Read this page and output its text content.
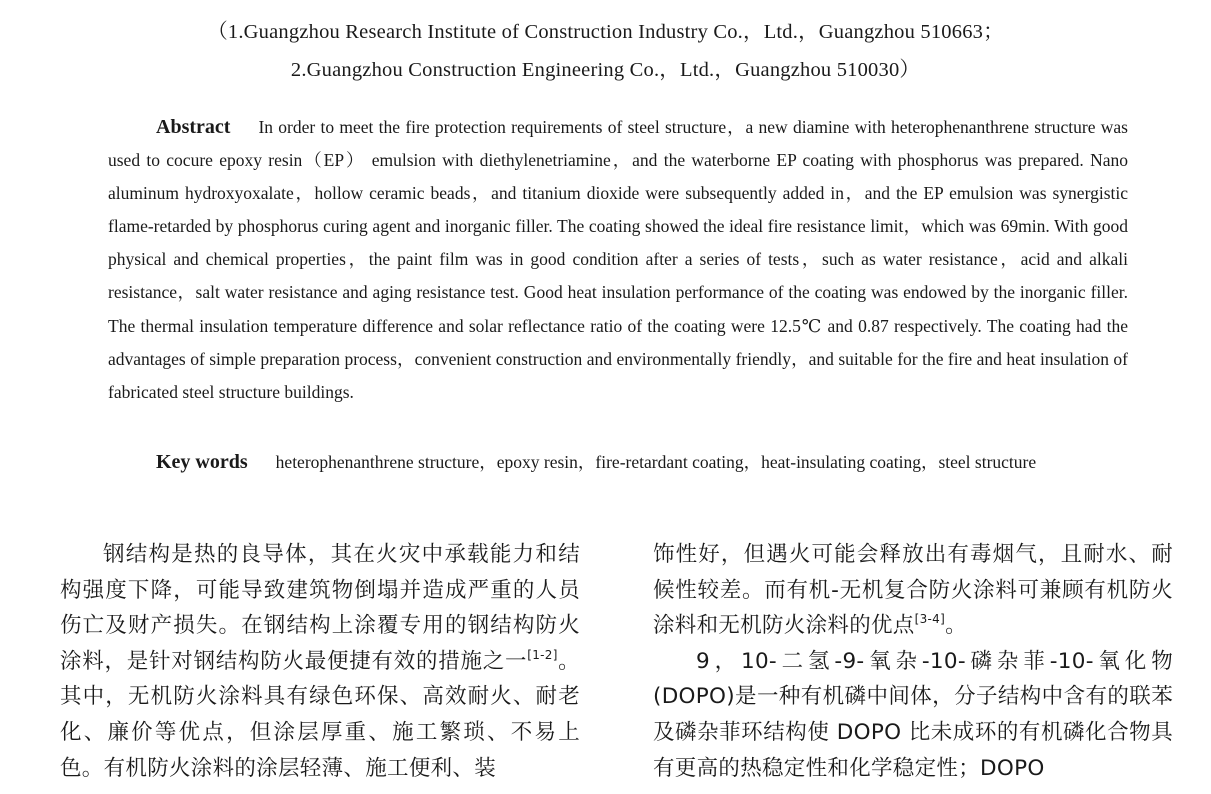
（1.Guangzhou Research Institute of Construction Industry Co.，Ltd.，Guangzhou 510663；
2.Guangzhou Construction Engineering Co.，Ltd.，Guangzhou 510030）
Abstract In order to meet the fire protection requirements of steel structure，a new diamine with heterophenanthrene structure was used to cocure epoxy resin（EP） emulsion with diethylenetriamine，and the waterborne EP coating with phosphorus was prepared. Nano aluminum hydroxyoxalate，hollow ceramic beads，and titanium dioxide were subsequently added in，and the EP emulsion was synergistic flame-retarded by phosphorus curing agent and inorganic filler. The coating showed the ideal fire resistance limit，which was 69min. With good physical and chemical properties，the paint film was in good condition after a series of tests，such as water resistance，acid and alkali resistance，salt water resistance and aging resistance test. Good heat insulation performance of the coating was endowed by the inorganic filler. The thermal insulation temperature difference and solar reflectance ratio of the coating were 12.5℃ and 0.87 respectively. The coating had the advantages of simple preparation process，convenient construction and environmentally friendly，and suitable for the fire and heat insulation of fabricated steel structure buildings.
Key words heterophenanthrene structure，epoxy resin，fire-retardant coating，heat-insulating coating，steel structure

钢结构是热的良导体，其在火灾中承载能力和结构强度下降，可能导致建筑物倒塌并造成严重的人员伤亡及财产损失。在钢结构上涂覆专用的钢结构防火涂料，是针对钢结构防火最便捷有效的措施之一[1-2]。其中，无机防火涂料具有绿色环保、高效耐火、耐老化、廉价等优点，但涂层厚重、施工繁琐、不易上色。有机防火涂料的涂层轻薄、施工便利、装

饰性好，但遇火可能会释放出有毒烟气，且耐水、耐候性较差。而有机-无机复合防火涂料可兼顾有机防火涂料和无机防火涂料的优点[3-4]。

9，10-二氢-9-氧杂-10-磷杂菲-10-氧化物(DOPO)是一种有机磷中间体，分子结构中含有的联苯及磷杂菲环结构使 DOPO 比未成环的有机磷化合物具有更高的热稳定性和化学稳定性；DOPO
